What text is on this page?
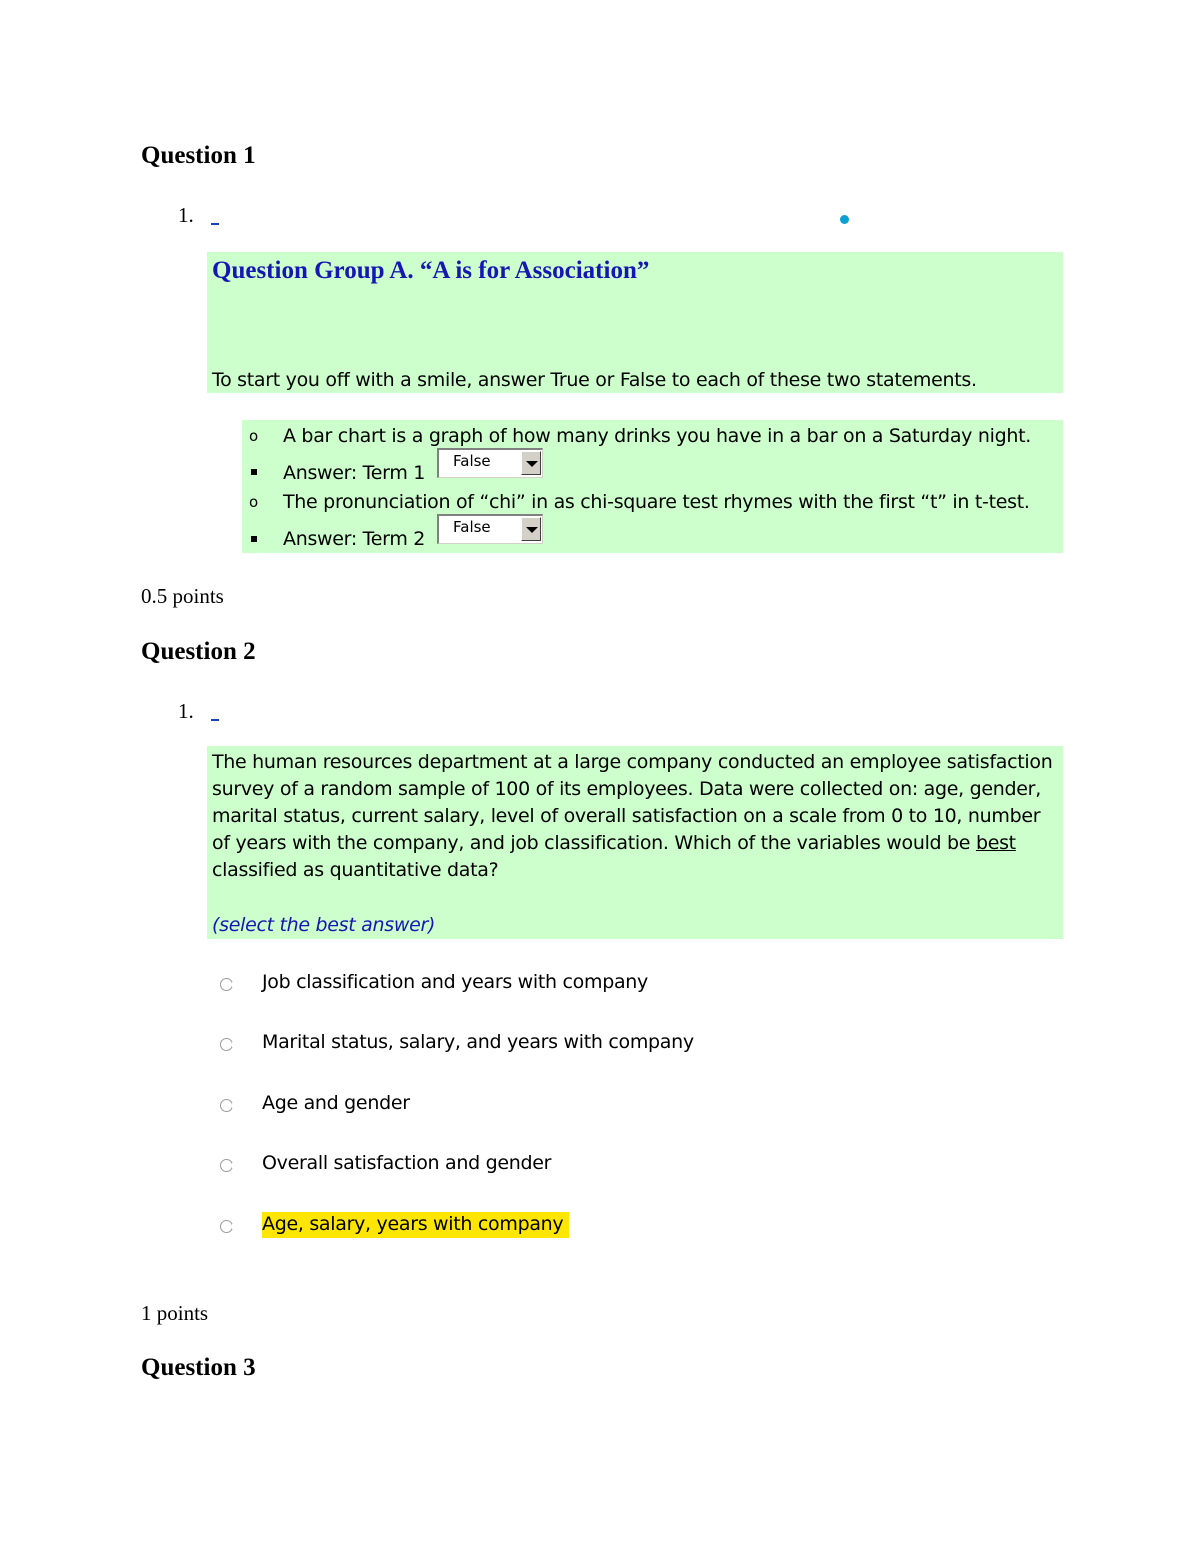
Question 1
1.
Question Group A. “A is for Association”
To start you off with a smile, answer True or False to each of these two statements.
o A bar chart is a graph of how many drinks you have in a bar on a Saturday night.
Answer: Term 1
False
o The pronunciation of “chi” in as chi-square test rhymes with the first “t” in t-test.
Answer: Term 2
False
0.5 points
Question 2
1.
The human resources department at a large company conducted an employee satisfaction
survey of a random sample of 100 of its employees. Data were collected on: age, gender,
marital status, current salary, level of overall satisfaction on a scale from 0 to 10, number
of years with the company, and job classification. Which of the variables would be best
classified as quantitative data?
(select the best answer)
Job classification and years with company
Marital status, salary, and years with company
Age and gender
Overall satisfaction and gender
Age, salary, years with company
1 points
Question 3
